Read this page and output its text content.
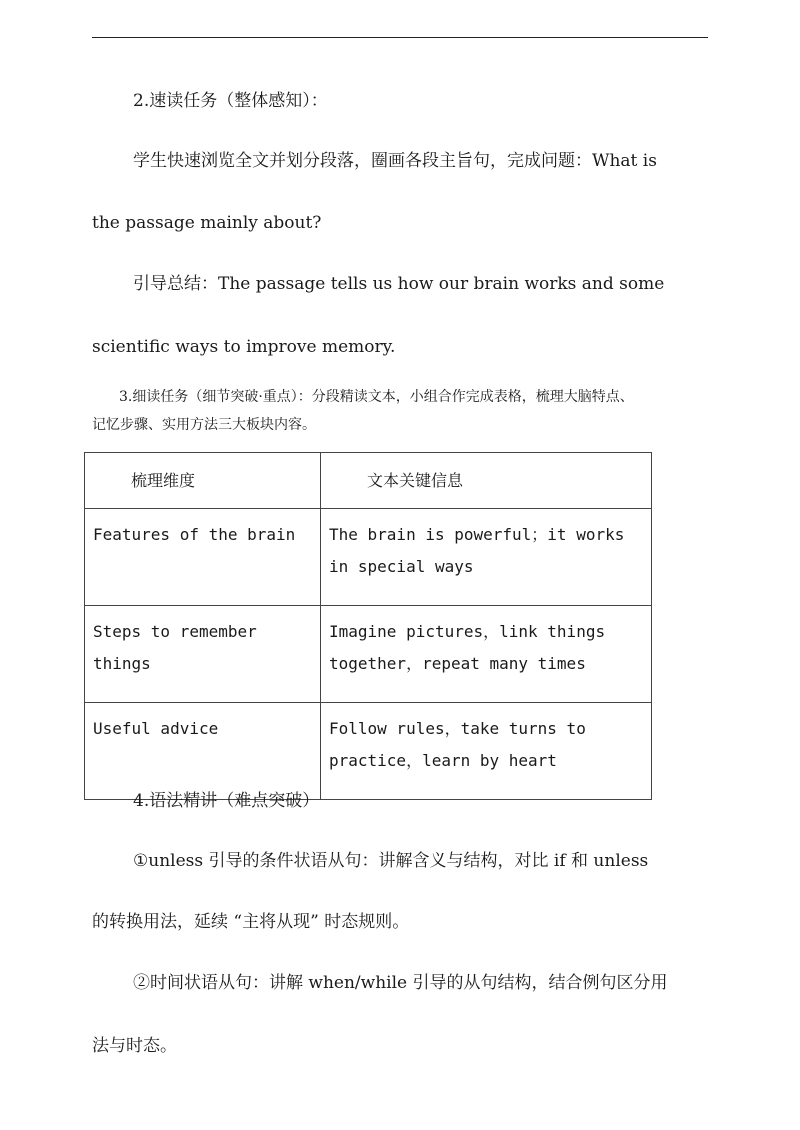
2.速读任务（整体感知）：
学生快速浏览全文并划分段落，圈画各段主旨句，完成问题：What is
the passage mainly about?
引导总结：The passage tells us how our brain works and some
scientific ways to improve memory.
3.细读任务（细节突破·重点）：分段精读文本，小组合作完成表格，梳理大脑特点、
记忆步骤、实用方法三大板块内容。
梳理维度	文本关键信息
Features of the brain	The brain is powerful；it works
in special ways

Steps to remember things	Imagine pictures，link things
together，repeat many times

Useful advice	Follow rules，take turns to
practice，learn by heart
4.语法精讲（难点突破）
①unless 引导的条件状语从句：讲解含义与结构，对比 if 和 unless
的转换用法，延续 “主将从现” 时态规则。
②时间状语从句：讲解 when/while 引导的从句结构，结合例句区分用
法与时态。
